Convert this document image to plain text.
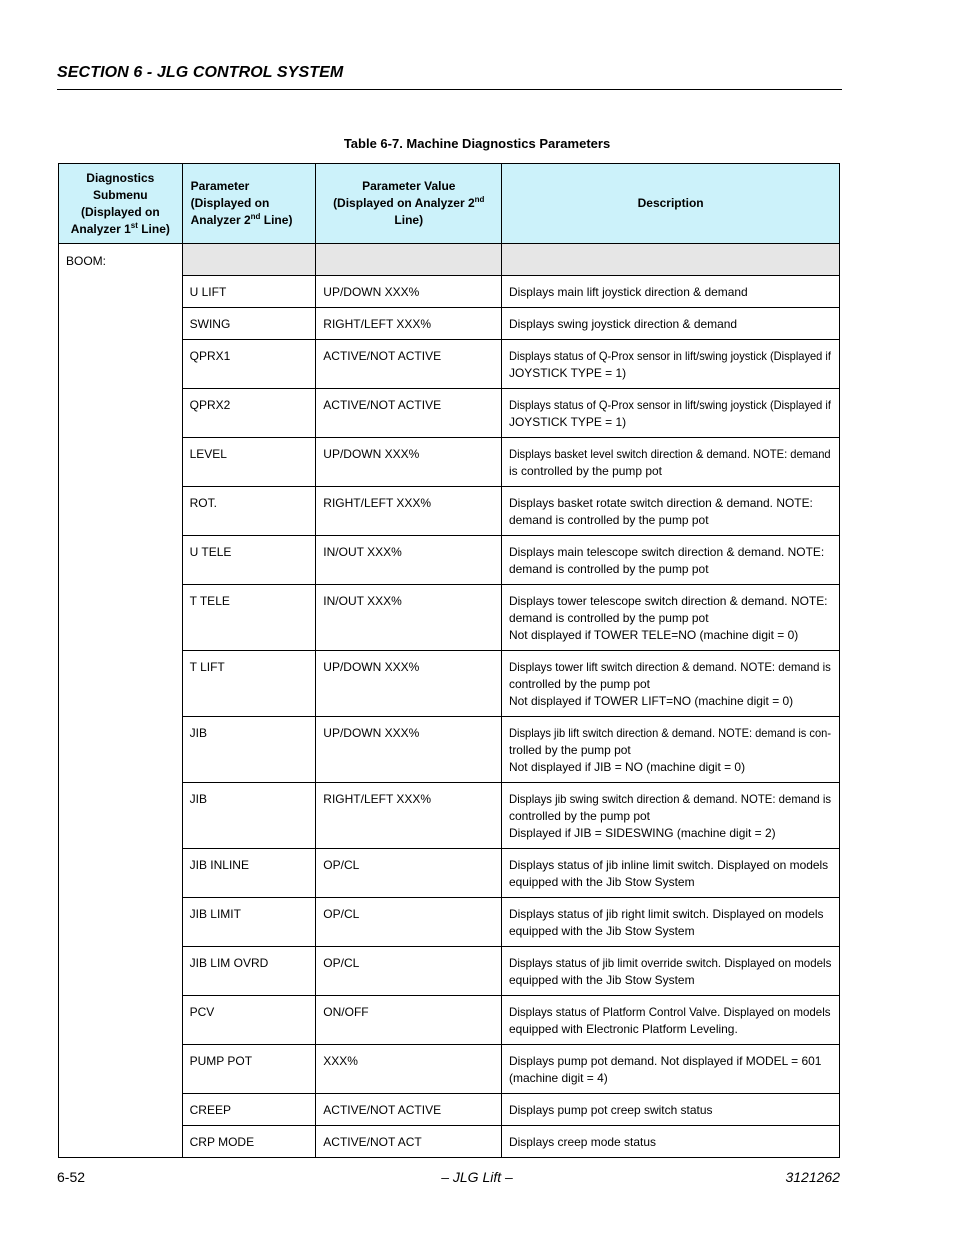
SECTION 6 - JLG CONTROL SYSTEM
Table 6-7. Machine Diagnostics Parameters
Diagnostics Submenu (Displayed on Analyzer 1st Line)	Parameter (Displayed on Analyzer 2nd Line)	Parameter Value (Displayed on Analyzer 2nd Line)	Description

BOOM:			

	U LIFT	UP/DOWN XXX%	Displays main lift joystick direction & demand

	SWING	RIGHT/LEFT XXX%	Displays swing joystick direction & demand

	QPRX1	ACTIVE/NOT ACTIVE	Displays status of Q-Prox sensor in lift/swing joystick (Displayed if
JOYSTICK TYPE = 1)

	QPRX2	ACTIVE/NOT ACTIVE	Displays status of Q-Prox sensor in lift/swing joystick (Displayed if
JOYSTICK TYPE = 1)

	LEVEL	UP/DOWN XXX%	Displays basket level switch direction & demand. NOTE: demand
is controlled by the pump pot

	ROT.	RIGHT/LEFT XXX%	Displays basket rotate switch direction & demand. NOTE:
demand is controlled by the pump pot

	U TELE	IN/OUT XXX%	Displays main telescope switch direction & demand. NOTE:
demand is controlled by the pump pot

	T TELE	IN/OUT XXX%	Displays tower telescope switch direction & demand. NOTE:
demand is controlled by the pump pot
Not displayed if TOWER TELE=NO (machine digit = 0)

	T LIFT	UP/DOWN XXX%	Displays tower lift switch direction & demand. NOTE: demand is
controlled by the pump pot
Not displayed if TOWER LIFT=NO (machine digit = 0)

	JIB	UP/DOWN XXX%	Displays jib lift switch direction & demand. NOTE: demand is con-
trolled by the pump pot
Not displayed if JIB = NO (machine digit = 0)

	JIB	RIGHT/LEFT XXX%	Displays jib swing switch direction & demand. NOTE: demand is
controlled by the pump pot
Displayed if JIB = SIDESWING (machine digit = 2)

	JIB INLINE	OP/CL	Displays status of jib inline limit switch. Displayed on models
equipped with the Jib Stow System

	JIB LIMIT	OP/CL	Displays status of jib right limit switch. Displayed on models
equipped with the Jib Stow System

	JIB LIM OVRD	OP/CL	Displays status of jib limit override switch. Displayed on models
equipped with the Jib Stow System

	PCV	ON/OFF	Displays status of Platform Control Valve. Displayed on models
equipped with Electronic Platform Leveling.

	PUMP POT	XXX%	Displays pump pot demand. Not displayed if MODEL = 601
(machine digit = 4)

	CREEP	ACTIVE/NOT ACTIVE	Displays pump pot creep switch status

	CRP MODE	ACTIVE/NOT ACT	Displays creep mode status
6-52	– JLG Lift –	3121262
